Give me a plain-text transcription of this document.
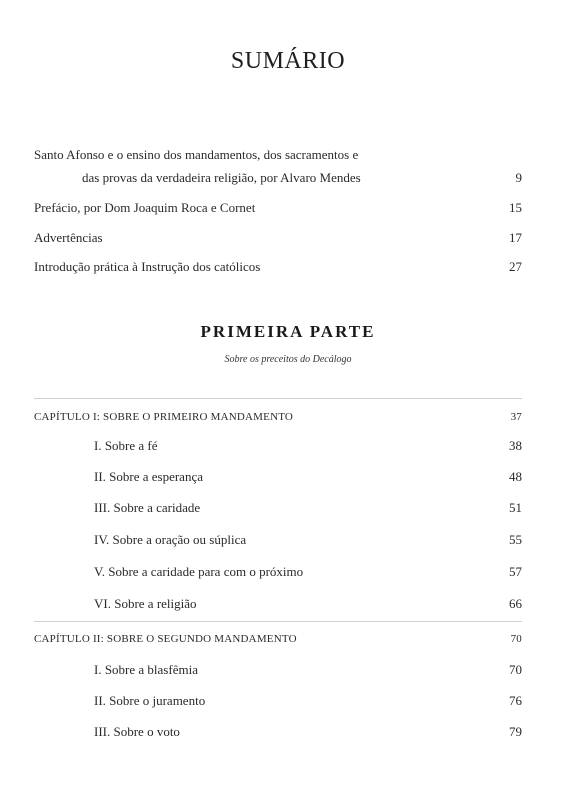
SUMÁRIO
Santo Afonso e o ensino dos mandamentos, dos sacramentos e
das provas da verdadeira religião, por Alvaro Mendes	9
Prefácio, por Dom Joaquim Roca e Cornet	15
Advertências	17
Introdução prática à Instrução dos católicos	27
PRIMEIRA PARTE
Sobre os preceitos do Decálogo
CAPÍTULO I: SOBRE O PRIMEIRO MANDAMENTO	37
I. Sobre a fé	38
II. Sobre a esperança	48
III. Sobre a caridade	51
IV. Sobre a oração ou súplica	55
V. Sobre a caridade para com o próximo	57
VI. Sobre a religião	66
CAPÍTULO II: SOBRE O SEGUNDO MANDAMENTO	70
I. Sobre a blasfêmia	70
II. Sobre o juramento	76
III. Sobre o voto	79
